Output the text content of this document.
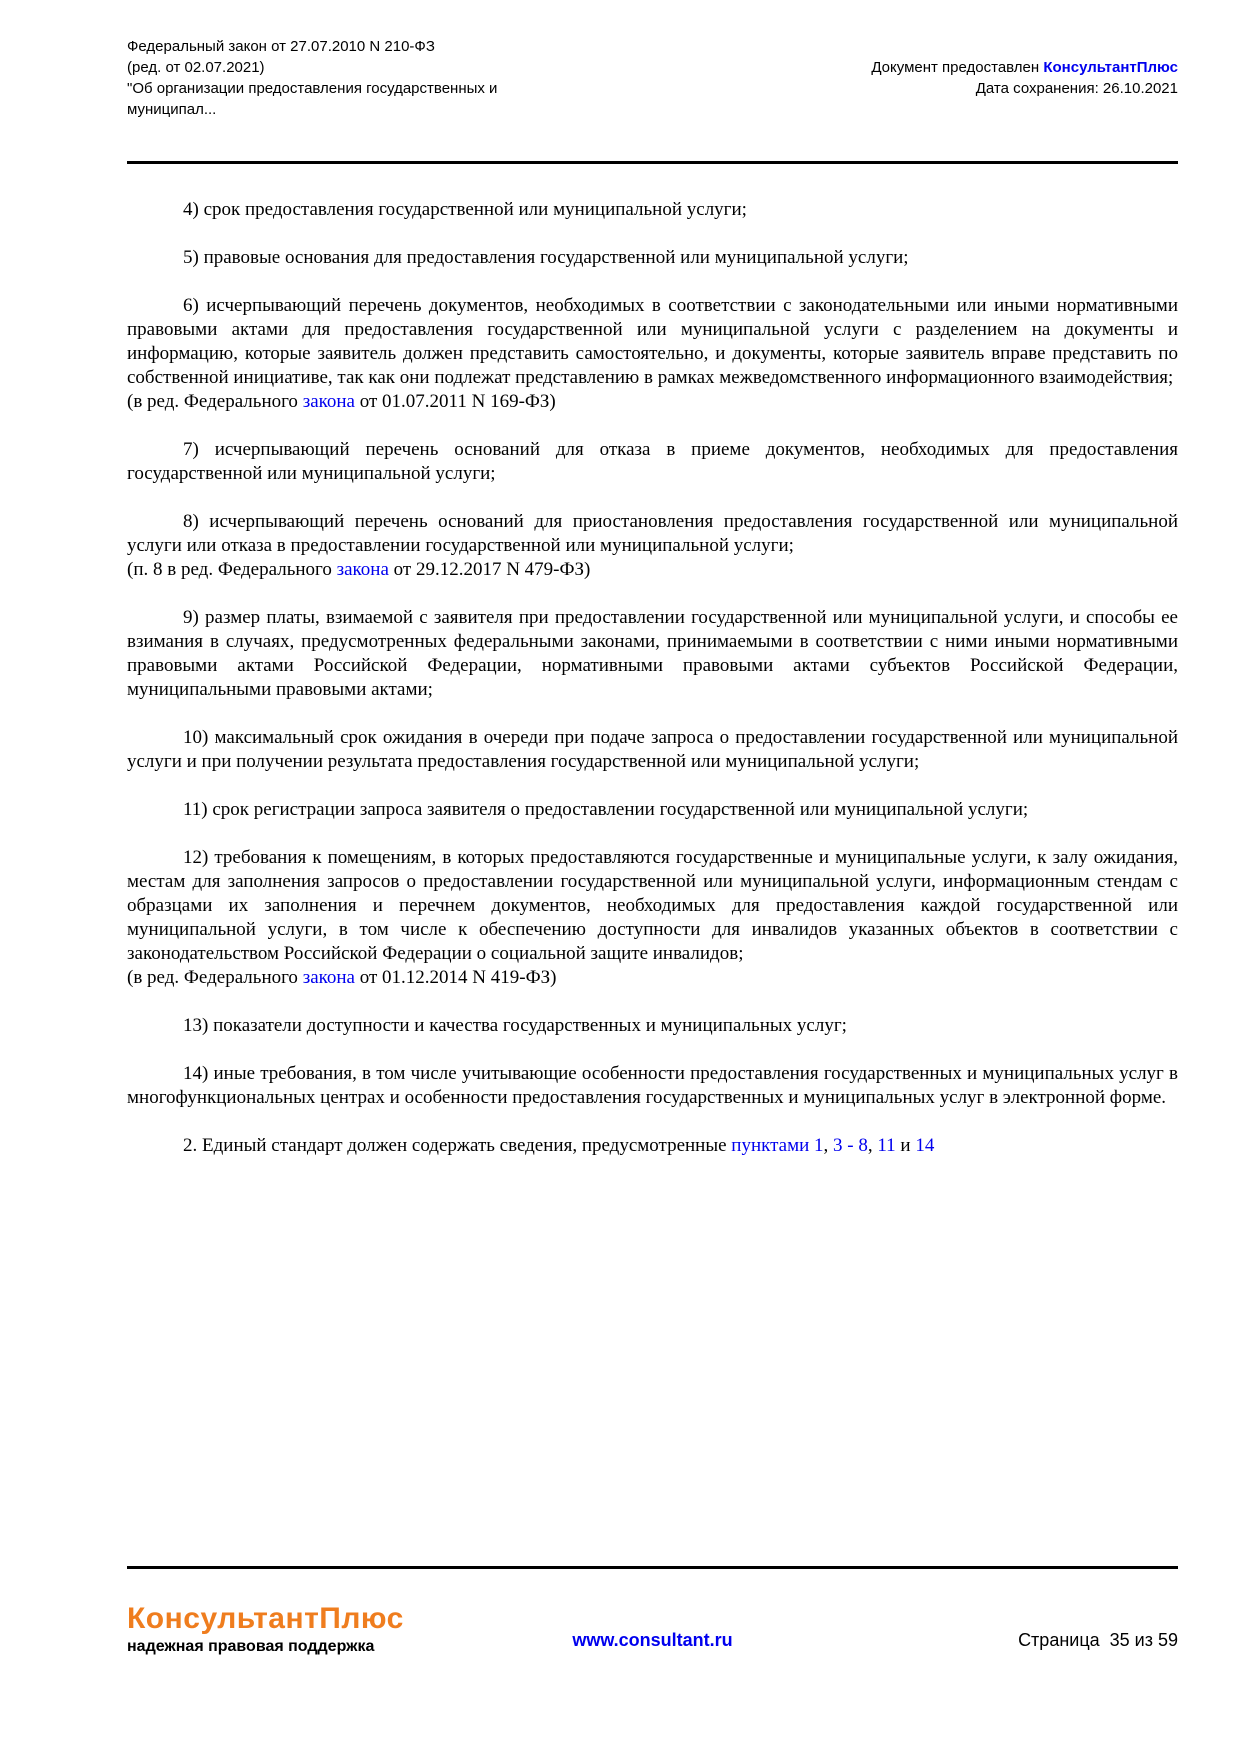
Федеральный закон от 27.07.2010 N 210-ФЗ
(ред. от 02.07.2021)
"Об организации предоставления государственных и
муниципал...
Документ предоставлен КонсультантПлюс
Дата сохранения: 26.10.2021

4) срок предоставления государственной или муниципальной услуги;

5) правовые основания для предоставления государственной или муниципальной услуги;

6) исчерпывающий перечень документов, необходимых в соответствии с законодательными или иными нормативными правовыми актами для предоставления государственной или муниципальной услуги с разделением на документы и информацию, которые заявитель должен представить самостоятельно, и документы, которые заявитель вправе представить по собственной инициативе, так как они подлежат представлению в рамках межведомственного информационного взаимодействия;

(в ред. Федерального закона от 01.07.2011 N 169-ФЗ)

7) исчерпывающий перечень оснований для отказа в приеме документов, необходимых для предоставления государственной или муниципальной услуги;

8) исчерпывающий перечень оснований для приостановления предоставления государственной или муниципальной услуги или отказа в предоставлении государственной или муниципальной услуги;

(п. 8 в ред. Федерального закона от 29.12.2017 N 479-ФЗ)

9) размер платы, взимаемой с заявителя при предоставлении государственной или муниципальной услуги, и способы ее взимания в случаях, предусмотренных федеральными законами, принимаемыми в соответствии с ними иными нормативными правовыми актами Российской Федерации, нормативными правовыми актами субъектов Российской Федерации, муниципальными правовыми актами;

10) максимальный срок ожидания в очереди при подаче запроса о предоставлении государственной или муниципальной услуги и при получении результата предоставления государственной или муниципальной услуги;

11) срок регистрации запроса заявителя о предоставлении государственной или муниципальной услуги;

12) требования к помещениям, в которых предоставляются государственные и муниципальные услуги, к залу ожидания, местам для заполнения запросов о предоставлении государственной или муниципальной услуги, информационным стендам с образцами их заполнения и перечнем документов, необходимых для предоставления каждой государственной или муниципальной услуги, в том числе к обеспечению доступности для инвалидов указанных объектов в соответствии с законодательством Российской Федерации о социальной защите инвалидов;

(в ред. Федерального закона от 01.12.2014 N 419-ФЗ)

13) показатели доступности и качества государственных и муниципальных услуг;

14) иные требования, в том числе учитывающие особенности предоставления государственных и муниципальных услуг в многофункциональных центрах и особенности предоставления государственных и муниципальных услуг в электронной форме.

2. Единый стандарт должен содержать сведения, предусмотренные пунктами 1, 3 - 8, 11 и 14

КонсультантПлюс
надежная правовая поддержка	www.consultant.ru	Страница  35 из 59
